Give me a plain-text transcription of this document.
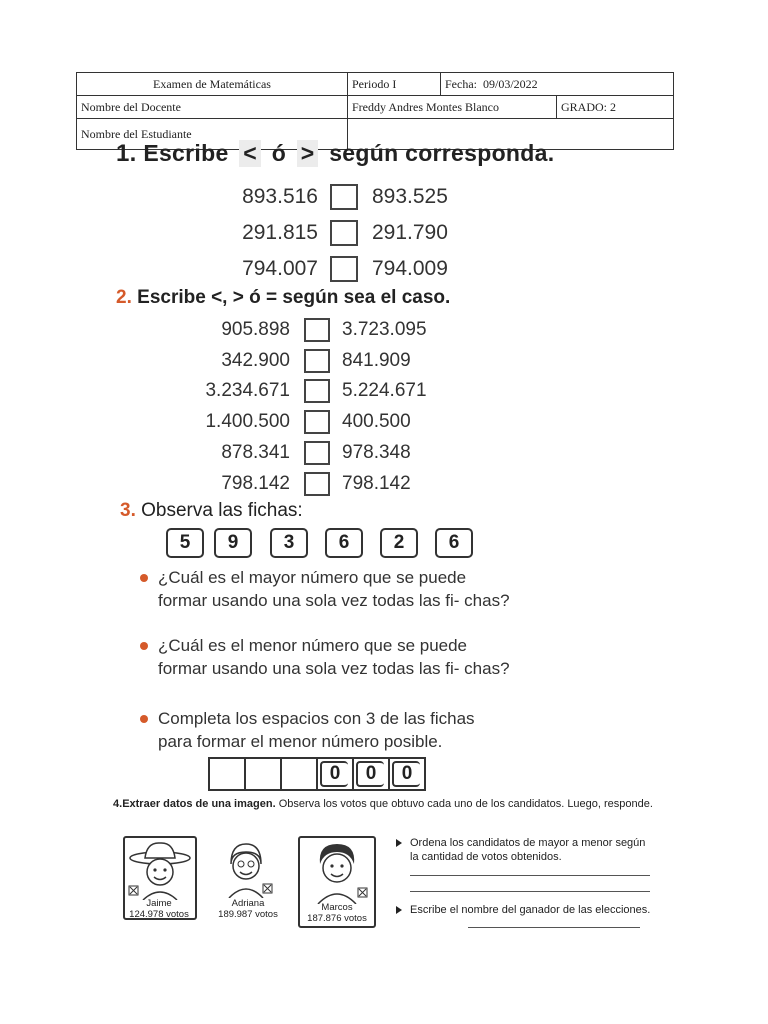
Examen de Matemáticas	Periodo I	Fecha: 09/03/2022	
Nombre del Docente	Freddy Andres Montes Blanco		GRADO: 2
Nombre del Estudiante			
1. Escribe < ó > según corresponda.
893.516	893.525
291.815	291.790
794.007	794.009
2. Escribe <, > ó = según sea el caso.
905.898	3.723.095
342.900	841.909
3.234.671	5.224.671
1.400.500	400.500
878.341	978.348
798.142	798.142
3. Observa las fichas:
5	9	3	6	2	6
¿Cuál es el mayor número que se puede formar usando una sola vez todas las fi- chas?
¿Cuál es el menor número que se puede formar usando una sola vez todas las fi- chas?
Completa los espacios con 3 de las fichas para formar el menor número posible.
0	0	0
4.Extraer datos de una imagen. Observa los votos que obtuvo cada uno de los candidatos. Luego, responde.
Jaime
124.978 votos
Adriana
189.987 votos
Marcos
187.876 votos
Ordena los candidatos de mayor a menor según la cantidad de votos obtenidos.
Escribe el nombre del ganador de las elecciones.
